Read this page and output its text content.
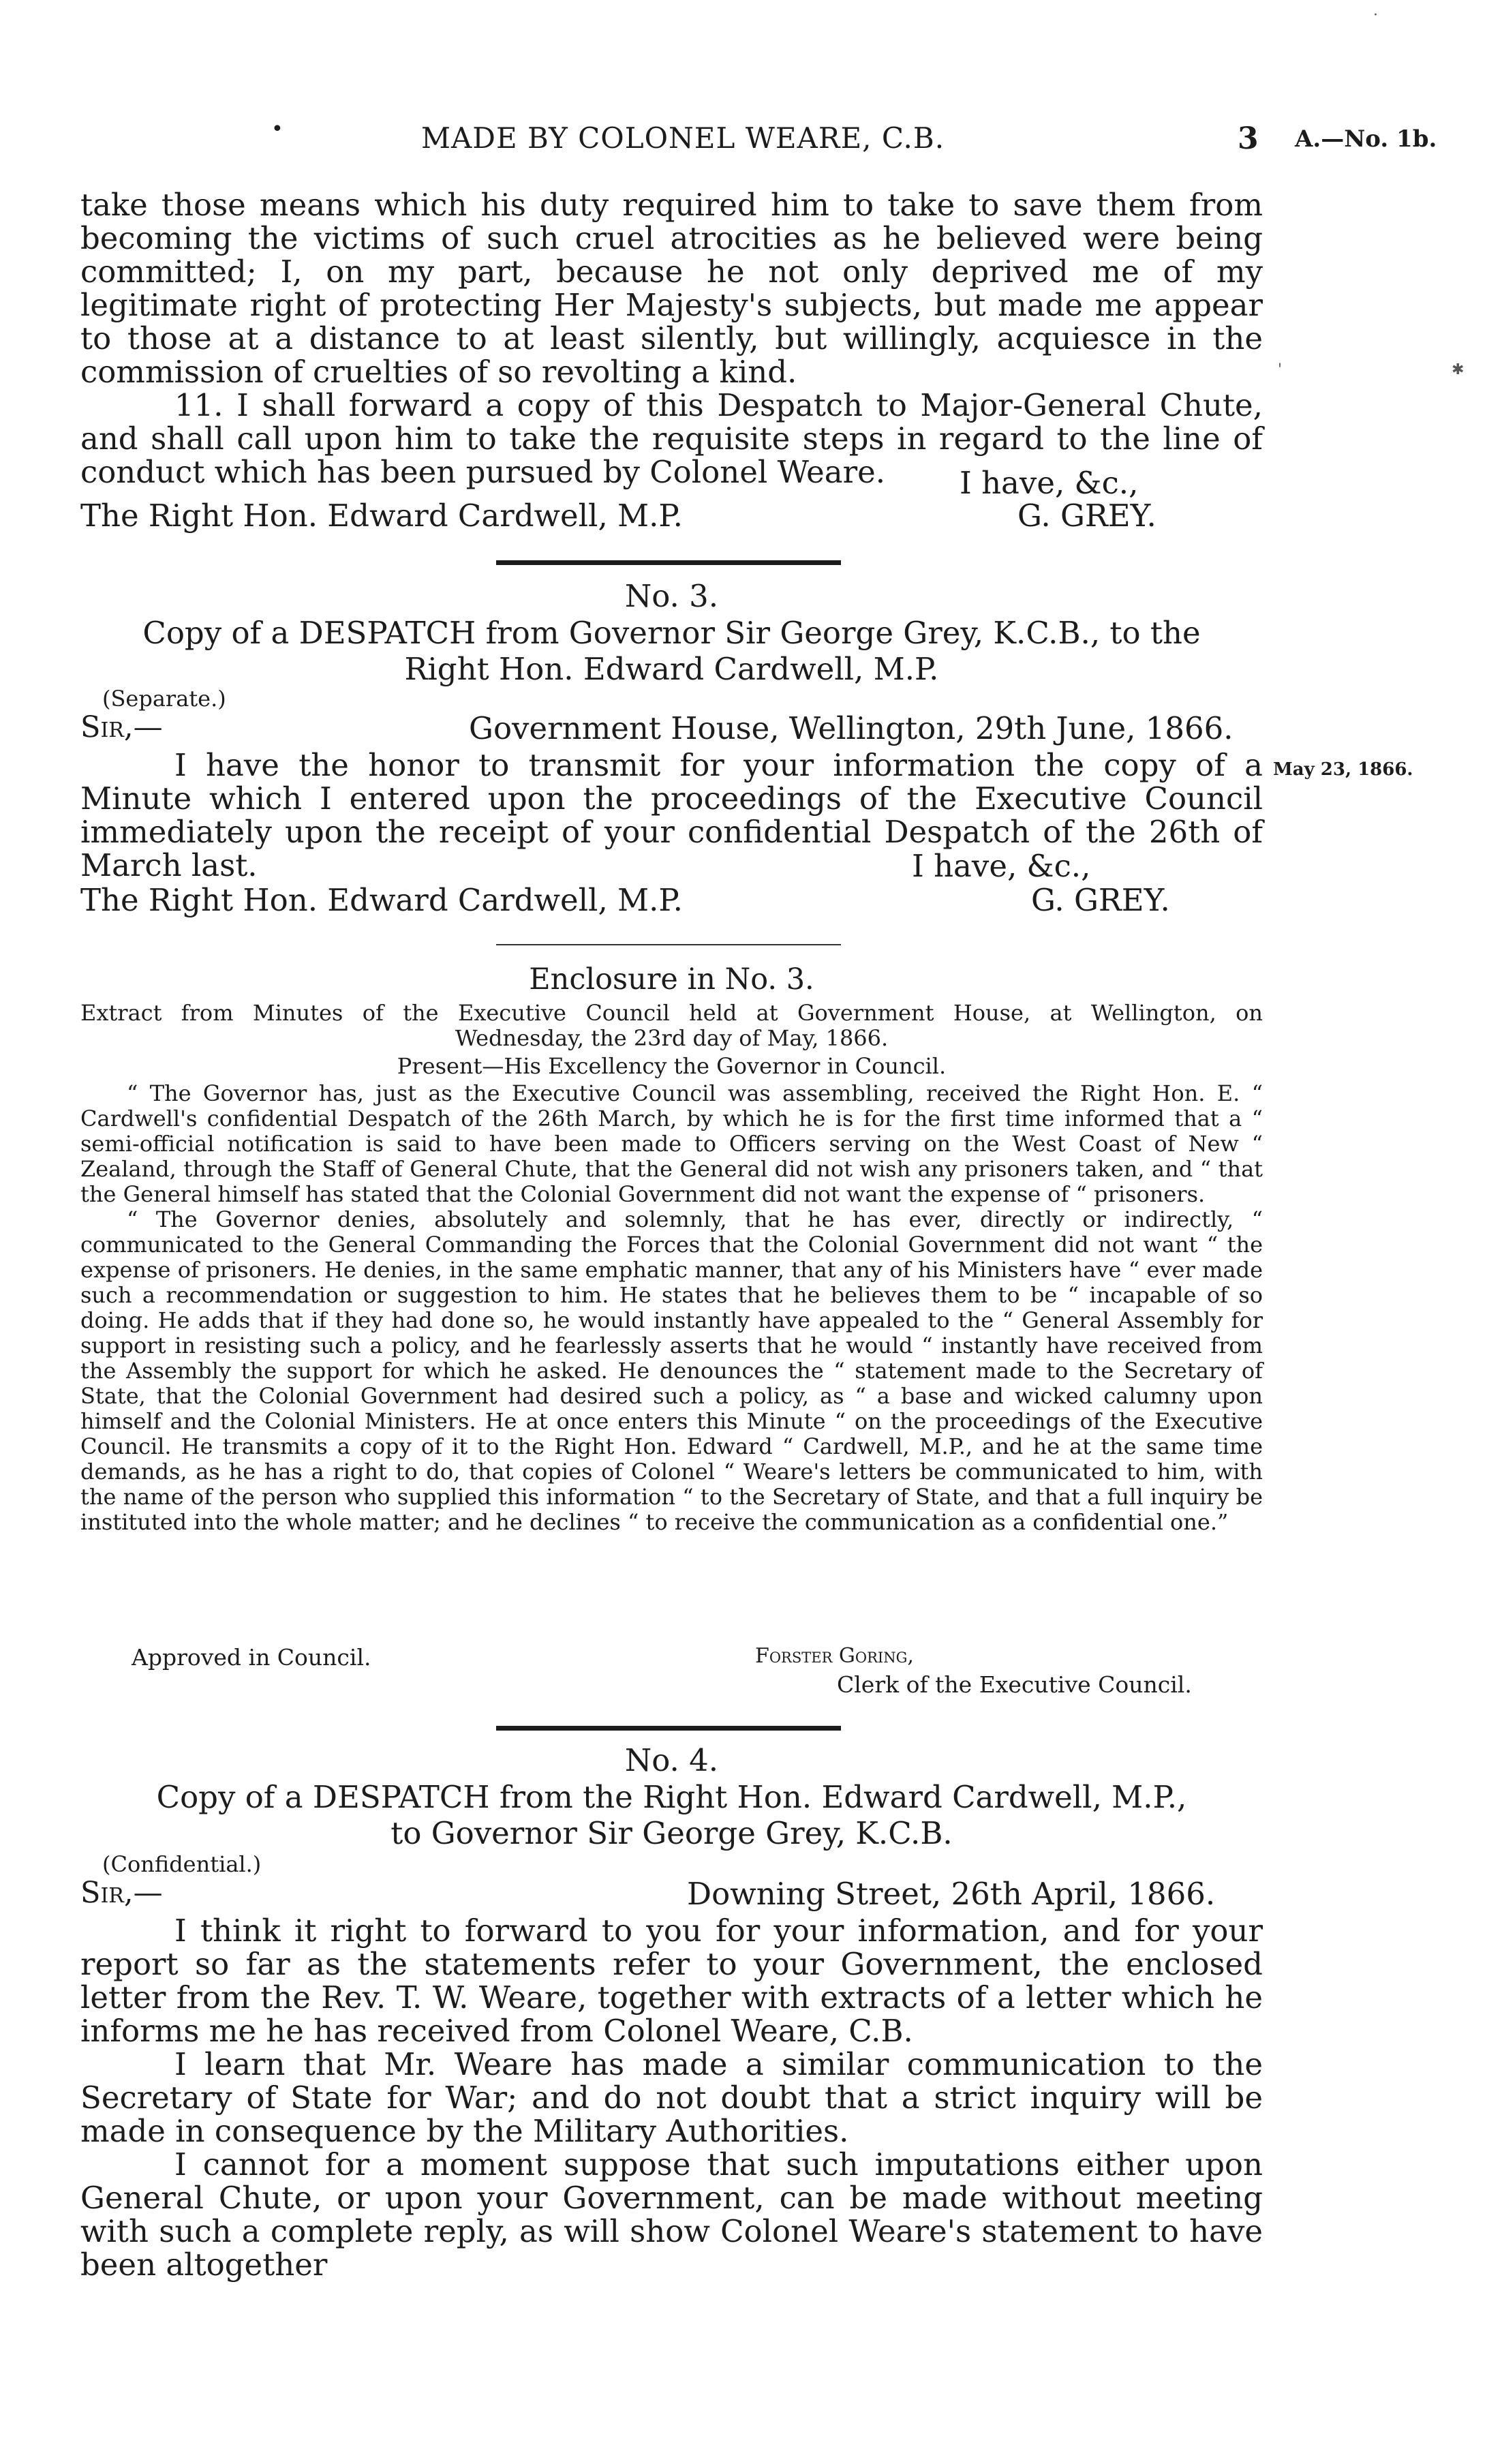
•	MADE BY COLONEL WEARE, C.B.	3 A.—No. 1b.
·
✱
'

take those means which his duty required him to take to save them from becoming the victims of such cruel atrocities as he believed were being committed; I, on my part, because he not only deprived me of my legitimate right of protecting Her Majesty's subjects, but made me appear to those at a distance to at least silently, but willingly, acquiesce in the commission of cruelties of so revolting a kind.

11. I shall forward a copy of this Despatch to Major-General Chute, and shall call upon him to take the requisite steps in regard to the line of conduct which has been pursued by Colonel Weare.	I have, &c.,
The Right Hon. Edward Cardwell, M.P.	G. GREY.
No. 3.
Copy of a DESPATCH from Governor Sir George Grey, K.C.B., to the
Right Hon. Edward Cardwell, M.P.
(Separate.)
Sir,—	Government House, Wellington, 29th June, 1866.

I have the honor to transmit for your information the copy of a Minute which I entered upon the proceedings of the Executive Council immediately upon the receipt of your confidential Despatch of the 26th of March last.

May 23, 1866.
I have, &c.,
The Right Hon. Edward Cardwell, M.P.	G. GREY.
Enclosure in No. 3.
Extract from Minutes of the Executive Council held at Government House, at Wellington, on
Wednesday, the 23rd day of May, 1866.
Present—His Excellency the Governor in Council.

“ The Governor has, just as the Executive Council was assembling, received the Right Hon. E. “ Cardwell's confidential Despatch of the 26th March, by which he is for the first time informed that a “ semi-official notification is said to have been made to Officers serving on the West Coast of New “ Zealand, through the Staff of General Chute, that the General did not wish any prisoners taken, and “ that the General himself has stated that the Colonial Government did not want the expense of “ prisoners.

“ The Governor denies, absolutely and solemnly, that he has ever, directly or indirectly, “ communicated to the General Commanding the Forces that the Colonial Government did not want “ the expense of prisoners. He denies, in the same emphatic manner, that any of his Ministers have “ ever made such a recommendation or suggestion to him. He states that he believes them to be “ incapable of so doing. He adds that if they had done so, he would instantly have appealed to the “ General Assembly for support in resisting such a policy, and he fearlessly asserts that he would “ instantly have received from the Assembly the support for which he asked. He denounces the “ statement made to the Secretary of State, that the Colonial Government had desired such a policy, as “ a base and wicked calumny upon himself and the Colonial Ministers. He at once enters this Minute “ on the proceedings of the Executive Council. He transmits a copy of it to the Right Hon. Edward “ Cardwell, M.P., and he at the same time demands, as he has a right to do, that copies of Colonel “ Weare's letters be communicated to him, with the name of the person who supplied this information “ to the Secretary of State, and that a full inquiry be instituted into the whole matter; and he declines “ to receive the communication as a confidential one.”

Approved in Council.	Forster Goring,
Clerk of the Executive Council.
No. 4.
Copy of a DESPATCH from the Right Hon. Edward Cardwell, M.P.,
to Governor Sir George Grey, K.C.B.
(Confidential.)
Sir,—	Downing Street, 26th April, 1866.

I think it right to forward to you for your information, and for your report so far as the statements refer to your Government, the enclosed letter from the Rev. T. W. Weare, together with extracts of a letter which he informs me he has received from Colonel Weare, C.B.

I learn that Mr. Weare has made a similar communication to the Secretary of State for War; and do not doubt that a strict inquiry will be made in consequence by the Military Authorities.

I cannot for a moment suppose that such imputations either upon General Chute, or upon your Government, can be made without meeting with such a complete reply, as will show Colonel Weare's statement to have been altogether
